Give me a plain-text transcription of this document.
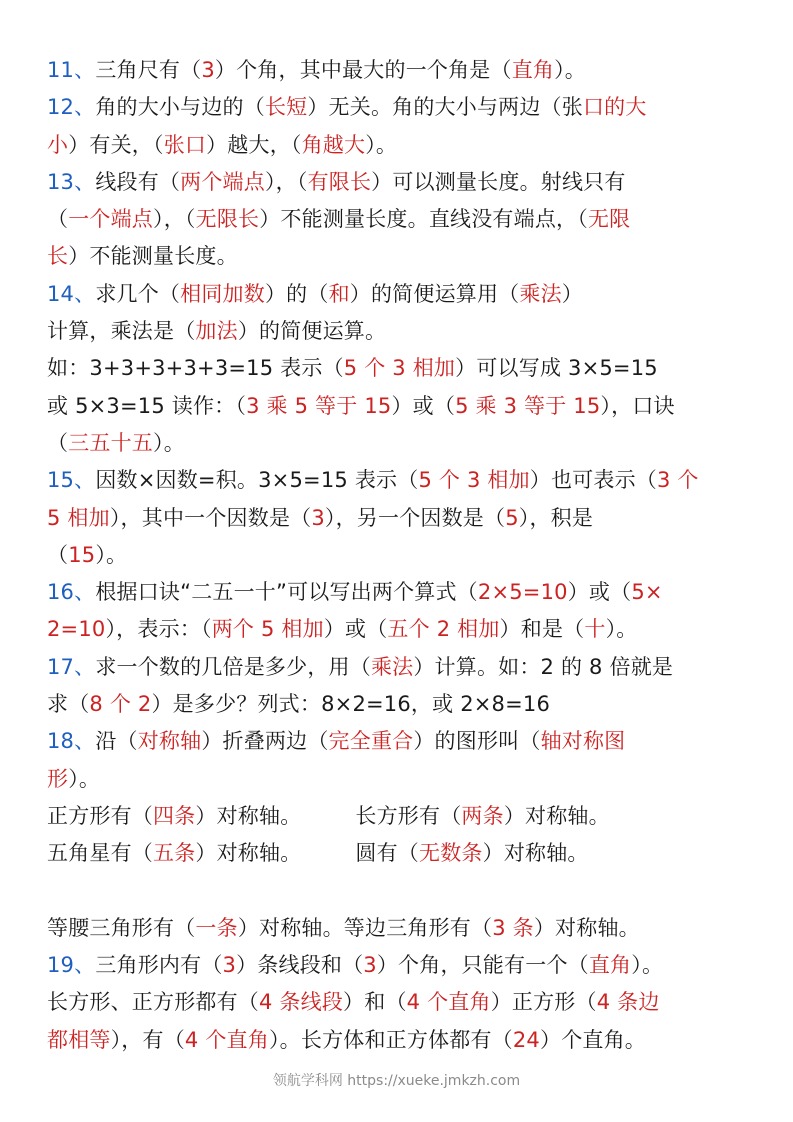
11、三角尺有（3）个角，其中最大的一个角是（直角）。
12、角的大小与边的（长短）无关。角的大小与两边（张口的大
小）有关，（张口）越大，（角越大）。
13、线段有（两个端点），（有限长）可以测量长度。射线只有
（一个端点），（无限长）不能测量长度。直线没有端点，（无限
长）不能测量长度。
14、求几个（相同加数）的（和）的简便运算用（乘法）
计算，乘法是（加法）的简便运算。
如：3+3+3+3+3=15 表示（5 个 3 相加）可以写成 3×5=15
或 5×3=15 读作：（3 乘 5 等于 15）或（5 乘 3 等于 15），口诀
（三五十五）。
15、因数×因数=积。3×5=15 表示（5 个 3 相加）也可表示（3 个
5 相加），其中一个因数是（3），另一个因数是（5），积是
（15）。
16、根据口诀“二五一十”可以写出两个算式（2×5=10）或（5×
2=10），表示：（两个 5 相加）或（五个 2 相加）和是（十）。
17、求一个数的几倍是多少，用（乘法）计算。如：2 的 8 倍就是
求（8 个 2）是多少？列式：8×2=16，或 2×8=16
18、沿（对称轴）折叠两边（完全重合）的图形叫（轴对称图
形）。
正方形有（四条）对称轴。	长方形有（两条）对称轴。
五角星有（五条）对称轴。	圆有（无数条）对称轴。
等腰三角形有（一条）对称轴。等边三角形有（3 条）对称轴。
19、三角形内有（3）条线段和（3）个角，只能有一个（直角）。
长方形、正方形都有（4 条线段）和（4 个直角）正方形（4 条边
都相等），有（4 个直角）。长方体和正方体都有（24）个直角。
领航学科网 https://xueke.jmkzh.com
